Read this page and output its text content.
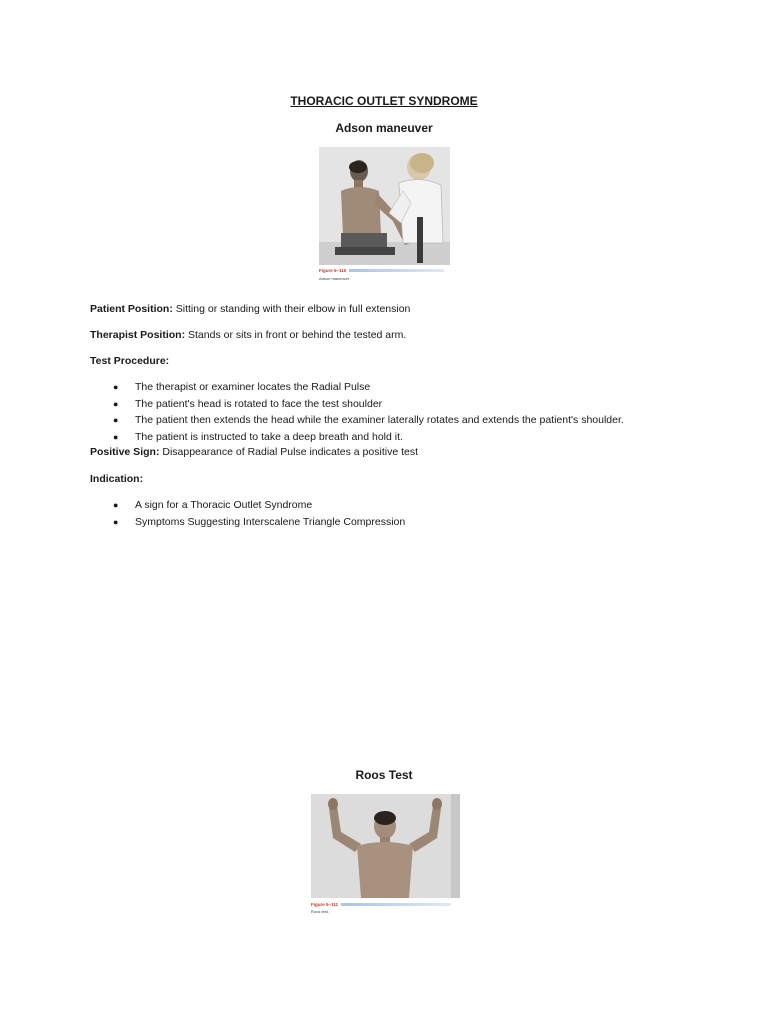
THORACIC OUTLET SYNDROME
Adson maneuver
Figure 5–110
Adson maneuver.
Patient Position: Sitting or standing with their elbow in full extension
Therapist Position: Stands or sits in front or behind the tested arm.
Test Procedure:
● The therapist or examiner locates the Radial Pulse
● The patient's head is rotated to face the test shoulder
● The patient then extends the head while the examiner laterally rotates and extends the patient's shoulder.
● The patient is instructed to take a deep breath and hold it.
Positive Sign: Disappearance of Radial Pulse indicates a positive test
Indication:
● A sign for a Thoracic Outlet Syndrome
● Symptoms Suggesting Interscalene Triangle Compression
Roos Test
Figure 5–111
Roos test.
